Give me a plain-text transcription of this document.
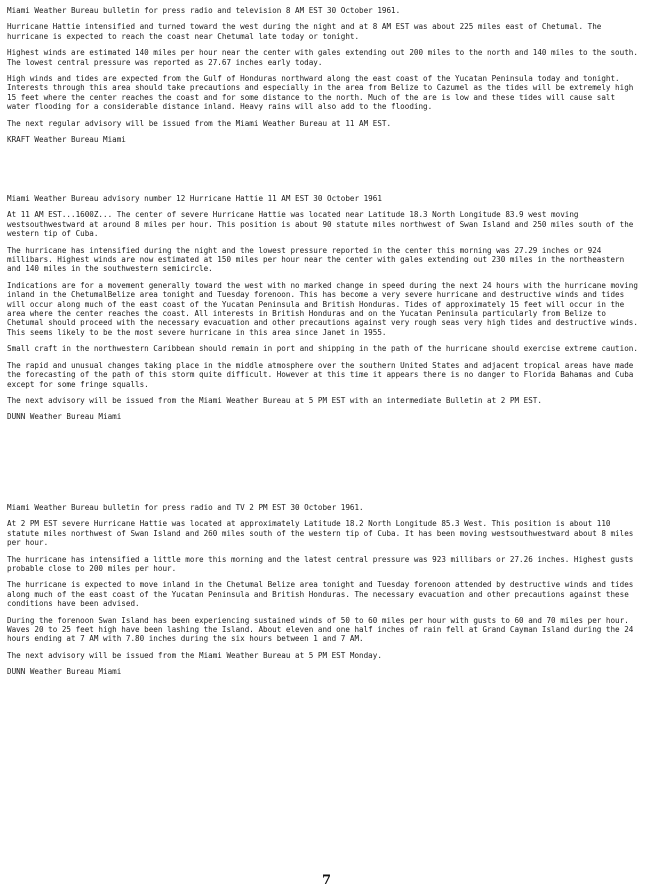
Miami Weather Bureau bulletin for press radio and television 8 AM EST 30 October 1961.

Hurricane Hattie intensified and turned toward the west during the night and at 8 AM EST was about 225 miles east of Chetumal. The hurricane is expected to reach the coast near Chetumal late today or tonight.

Highest winds are estimated 140 miles per hour near the center with gales extending out 200 miles to the north and 140 miles to the south. The lowest central pressure was reported as 27.67 inches early today.

High winds and tides are expected from the Gulf of Honduras northward along the east coast of the Yucatan Peninsula today and tonight. Interests through this area should take precautions and especially in the area from Belize to Cazumel as the tides will be extremely high 15 feet where the center reaches the coast and for some distance to the north. Much of the are is low and these tides will cause salt water flooding for a considerable distance inland. Heavy rains will also add to the flooding.

The next regular advisory will be issued from the Miami Weather Bureau at 11 AM EST.

KRAFT Weather Bureau Miami

Miami Weather Bureau advisory number 12 Hurricane Hattie 11 AM EST 30 October 1961

At 11 AM EST...1600Z... The center of severe Hurricane Hattie was located near Latitude 18.3 North Longitude 83.9 west moving westsouthwestward at around 8 miles per hour. This position is about 90 statute miles northwest of Swan Island and 250 miles south of the western tip of Cuba.

The hurricane has intensified during the night and the lowest pressure reported in the center this morning was 27.29 inches or 924 millibars. Highest winds are now estimated at 150 miles per hour near the center with gales extending out 230 miles in the northeastern and 140 miles in the southwestern semicircle.

Indications are for a movement generally toward the west with no marked change in speed during the next 24 hours with the hurricane moving inland in the ChetumalBelize area tonight and Tuesday forenoon. This has become a very severe hurricane and destructive winds and tides will occur along much of the east coast of the Yucatan Peninsula and British Honduras. Tides of approximately 15 feet will occur in the area where the center reaches the coast. All interests in British Honduras and on the Yucatan Peninsula particularly from Belize to Chetumal should proceed with the necessary evacuation and other precautions against very rough seas very high tides and destructive winds. This seems likely to be the most severe hurricane in this area since Janet in 1955.

Small craft in the northwestern Caribbean should remain in port and shipping in the path of the hurricane should exercise extreme caution.

The rapid and unusual changes taking place in the middle atmosphere over the southern United States and adjacent tropical areas have made the forecasting of the path of this storm quite difficult. However at this time it appears there is no danger to Florida Bahamas and Cuba except for some fringe squalls.

The next advisory will be issued from the Miami Weather Bureau at 5 PM EST with an intermediate Bulletin at 2 PM EST.

DUNN Weather Bureau Miami

Miami Weather Bureau bulletin for press radio and TV 2 PM EST 30 October 1961.

At 2 PM EST severe Hurricane Hattie was located at approximately Latitude 18.2 North Longitude 85.3 West. This position is about 110 statute miles northwest of Swan Island and 260 miles south of the western tip of Cuba. It has been moving westsouthwestward about 8 miles per hour.

The hurricane has intensified a little more this morning and the latest central pressure was 923 millibars or 27.26 inches. Highest gusts probable close to 200 miles per hour.

The hurricane is expected to move inland in the Chetumal Belize area tonight and Tuesday forenoon attended by destructive winds and tides along much of the east coast of the Yucatan Peninsula and British Honduras. The necessary evacuation and other precautions against these conditions have been advised.

During the forenoon Swan Island has been experiencing sustained winds of 50 to 60 miles per hour with gusts to 60 and 70 miles per hour. Waves 20 to 25 feet high have been lashing the Island. About eleven and one half inches of rain fell at Grand Cayman Island during the 24 hours ending at 7 AM with 7.80 inches during the six hours between 1 and 7 AM.

The next advisory will be issued from the Miami Weather Bureau at 5 PM EST Monday.

DUNN Weather Bureau Miami

7
